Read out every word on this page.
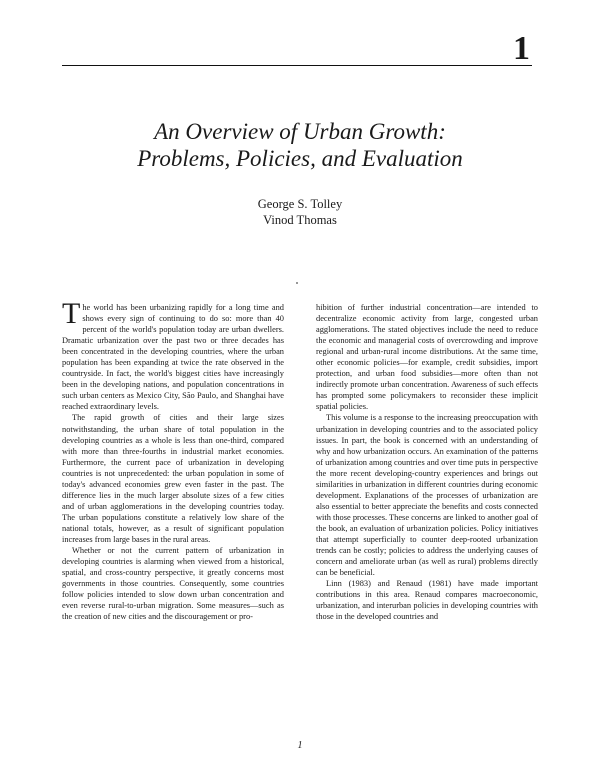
1
An Overview of Urban Growth:
Problems, Policies, and Evaluation
George S. Tolley
Vinod Thomas

The world has been urbanizing rapidly for a long time and shows every sign of continuing to do so: more than 40 percent of the world's population today are urban dwellers. Dramatic urbanization over the past two or three decades has been concentrated in the developing countries, where the urban population has been expanding at twice the rate observed in the countryside. In fact, the world's biggest cities have increasingly been in the developing nations, and population concentrations in such urban centers as Mexico City, São Paulo, and Shanghai have reached extraordinary levels.

The rapid growth of cities and their large sizes notwithstanding, the urban share of total population in the developing countries as a whole is less than one-third, compared with more than three-fourths in industrial market economies. Furthermore, the current pace of urbanization in developing countries is not unprecedented: the urban population in some of today's advanced economies grew even faster in the past. The difference lies in the much larger absolute sizes of a few cities and of urban agglomerations in the developing countries today. The urban populations constitute a relatively low share of the national totals, however, as a result of significant population increases from large bases in the rural areas.

Whether or not the current pattern of urbanization in developing countries is alarming when viewed from a historical, spatial, and cross-country perspective, it greatly concerns most governments in those countries. Consequently, some countries follow policies intended to slow down urban concentration and even reverse rural-to-urban migration. Some measures—such as the creation of new cities and the discouragement or pro-

hibition of further industrial concentration—are intended to decentralize economic activity from large, congested urban agglomerations. The stated objectives include the need to reduce the economic and managerial costs of overcrowding and improve regional and urban-rural income distributions. At the same time, other economic policies—for example, credit subsidies, import protection, and urban food subsidies—more often than not indirectly promote urban concentration. Awareness of such effects has prompted some policymakers to reconsider these implicit spatial policies.

This volume is a response to the increasing preoccupation with urbanization in developing countries and to the associated policy issues. In part, the book is concerned with an understanding of why and how urbanization occurs. An examination of the patterns of urbanization among countries and over time puts in perspective the more recent developing-country experiences and brings out similarities in urbanization in different countries during economic development. Explanations of the processes of urbanization are also essential to better appreciate the benefits and costs connected with those processes. These concerns are linked to another goal of the book, an evaluation of urbanization policies. Policy initiatives that attempt superficially to counter deep-rooted urbanization trends can be costly; policies to address the underlying causes of concern and ameliorate urban (as well as rural) problems directly can be beneficial.

Linn (1983) and Renaud (1981) have made important contributions in this area. Renaud compares macroeconomic, urbanization, and interurban policies in developing countries with those in the developed countries and

1
